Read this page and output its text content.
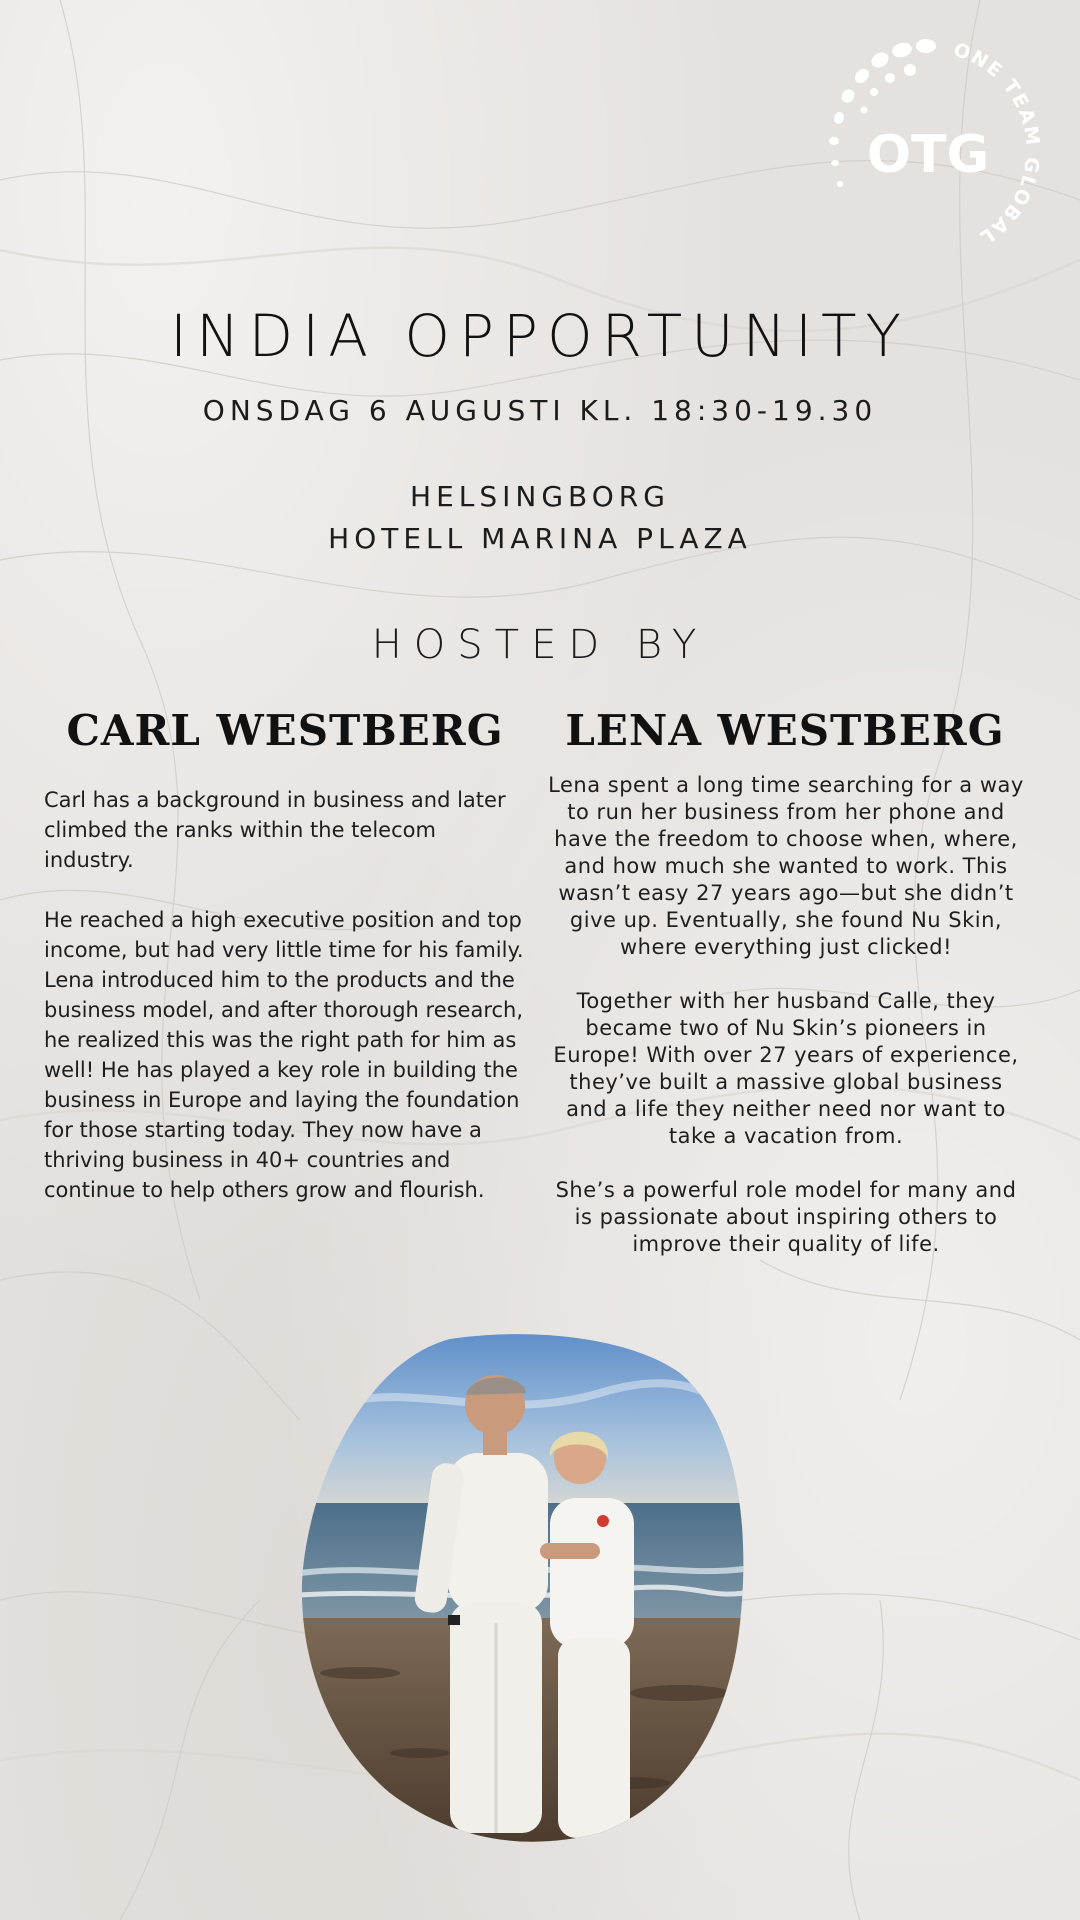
OTG
ONE TEAM GLOBAL
INDIA OPPORTUNITY
ONSDAG 6 AUGUSTI KL. 18:30-19.30
HELSINGBORG
HOTELL MARINA PLAZA
HOSTED BY
CARL WESTBERG	LENA WESTBERG

Carl has a background in business and later climbed the ranks within the telecom industry.

He reached a high executive position and top income, but had very little time for his family. Lena introduced him to the products and the business model, and after thorough research, he realized this was the right path for him as well! He has played a key role in building the business in Europe and laying the foundation for those starting today. They now have a thriving business in 40+ countries and continue to help others grow and flourish.

Lena spent a long time searching for a way to run her business from her phone and have the freedom to choose when, where, and how much she wanted to work. This wasn’t easy 27 years ago—but she didn’t give up. Eventually, she found Nu Skin, where everything just clicked!

Together with her husband Calle, they became two of Nu Skin’s pioneers in Europe! With over 27 years of experience, they’ve built a massive global business and a life they neither need nor want to take a vacation from.

She’s a powerful role model for many and is passionate about inspiring others to improve their quality of life.
